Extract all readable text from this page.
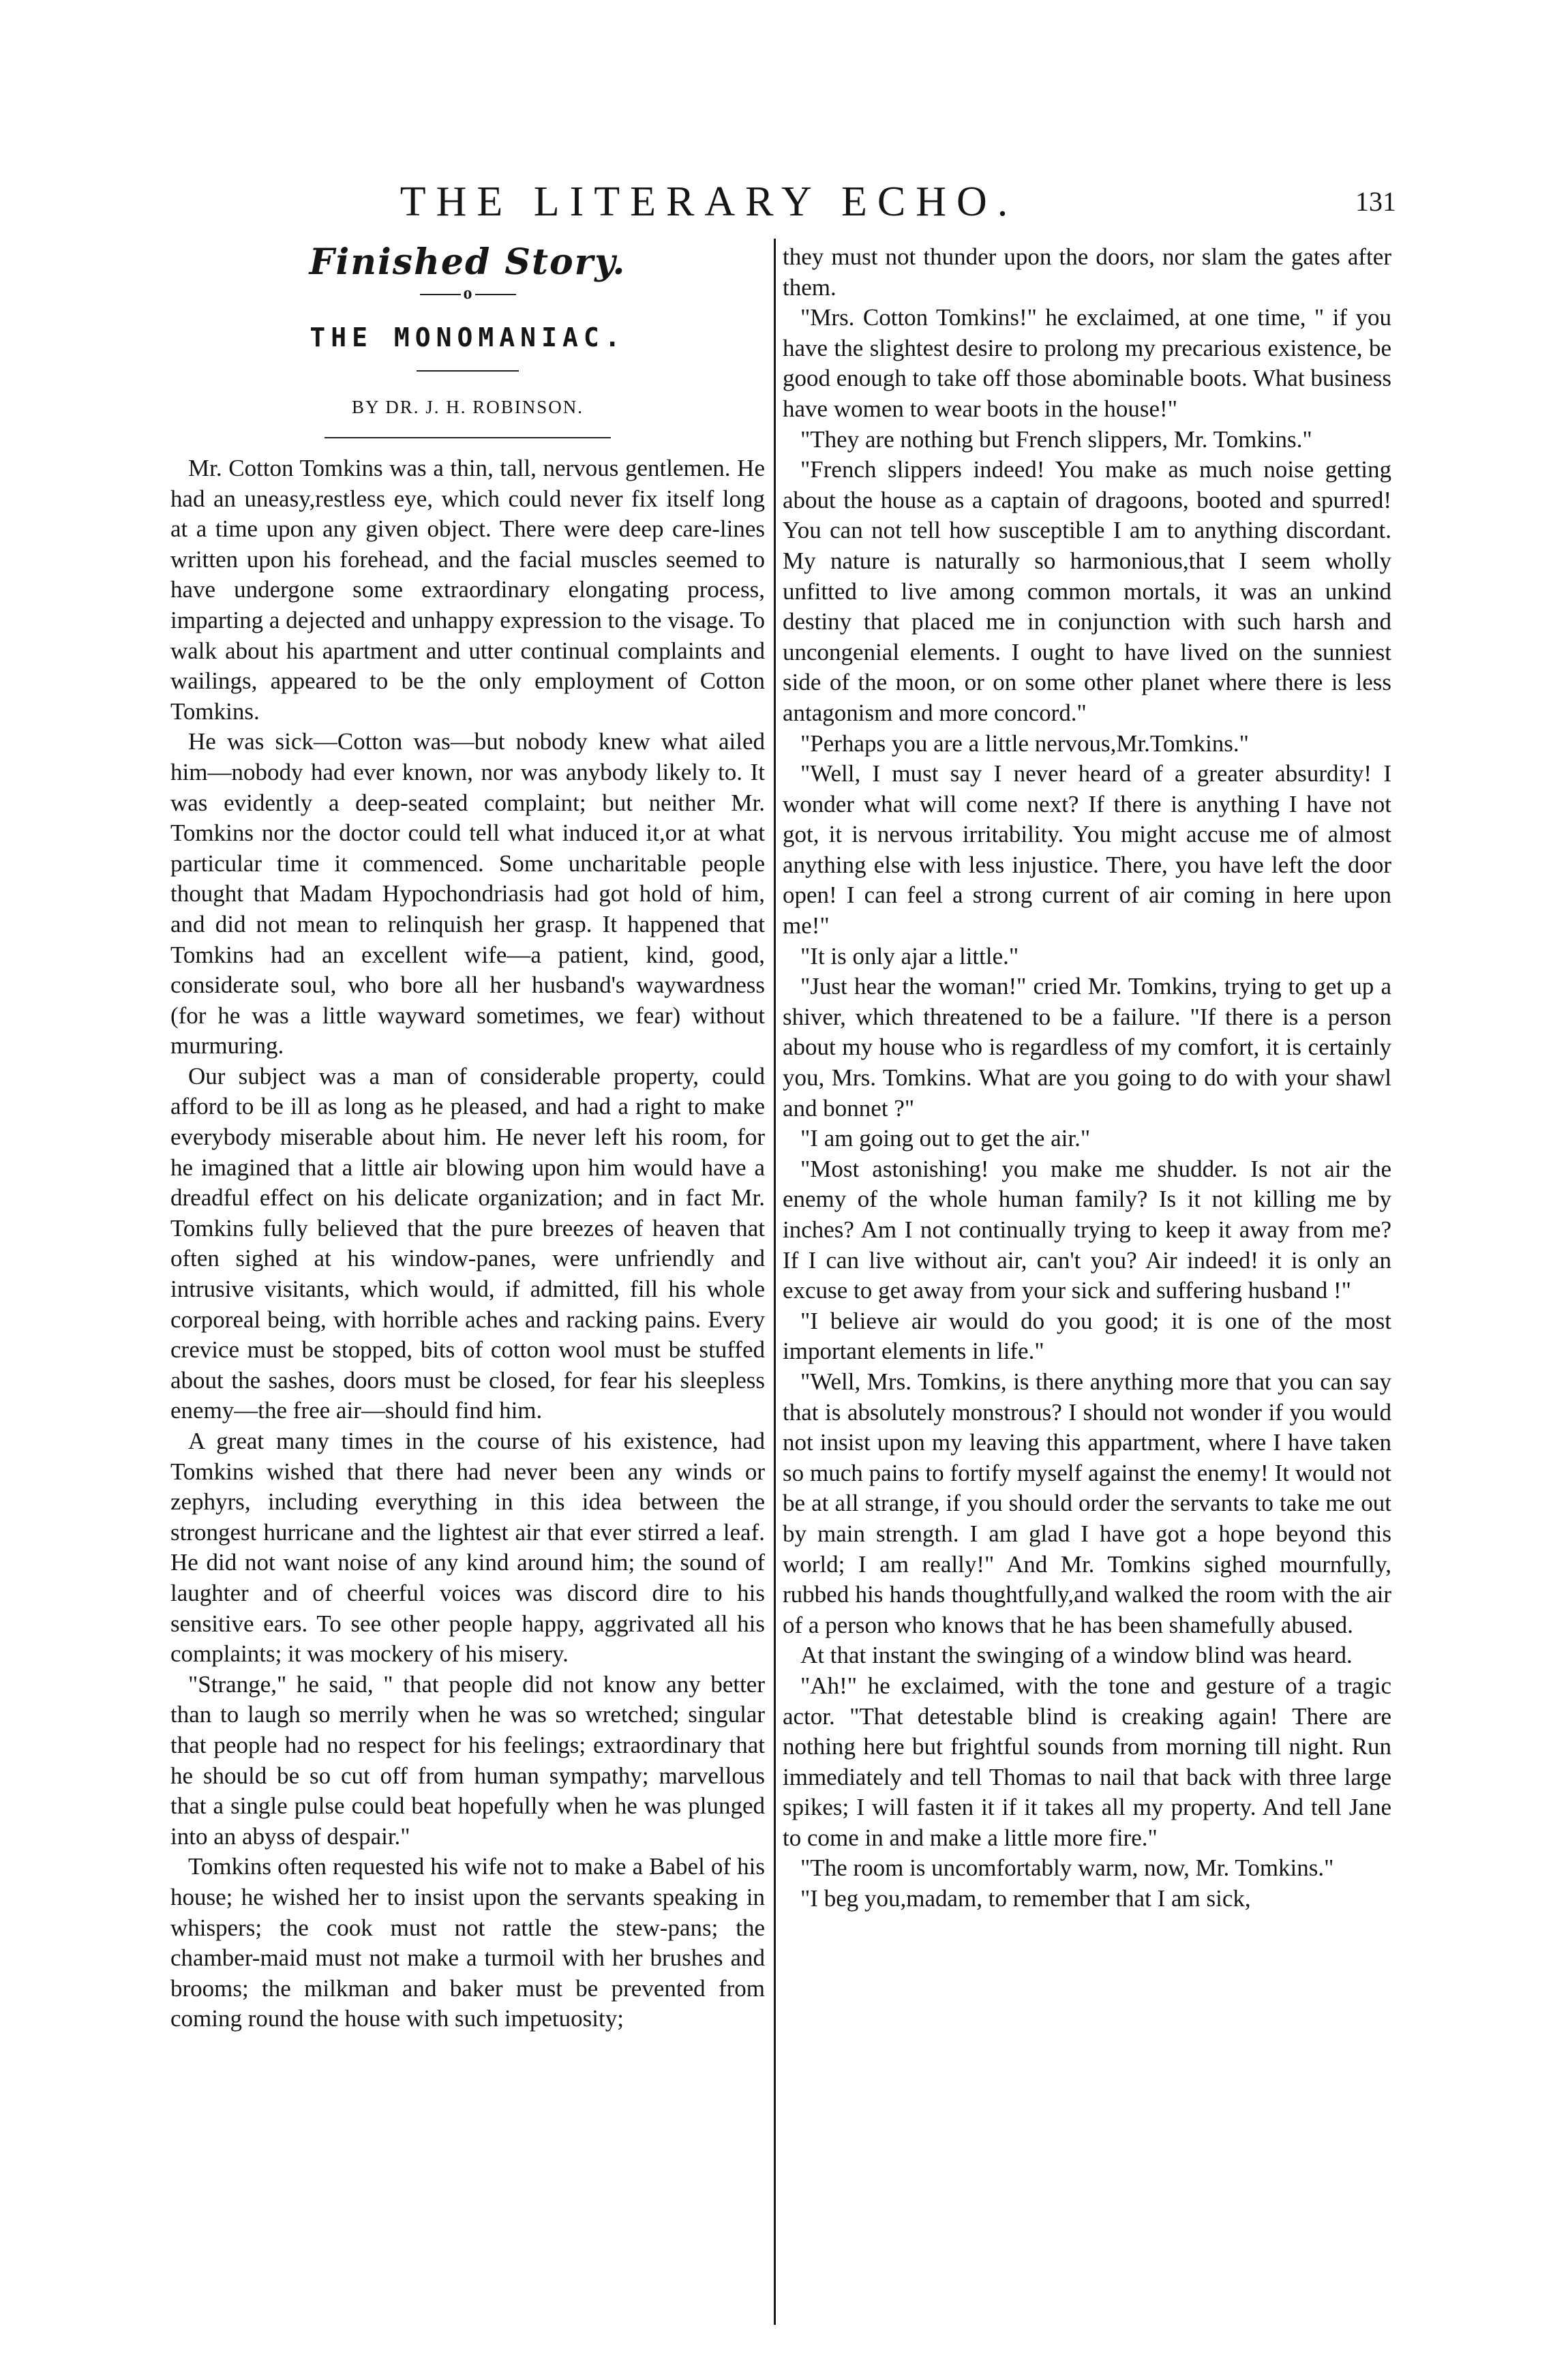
THE LITERARY ECHO.	131
Finished Story.
o
THE MONOMANIAC.
BY DR. J. H. ROBINSON.

Mr. Cotton Tomkins was a thin, tall, nervous gentlemen. He had an uneasy,restless eye, which could never fix itself long at a time upon any given object. There were deep care-lines written upon his forehead, and the facial muscles seemed to have undergone some extraordinary elongating process, imparting a dejected and unhappy expression to the visage. To walk about his apartment and utter continual complaints and wailings, appeared to be the only employment of Cotton Tomkins.

He was sick—Cotton was—but nobody knew what ailed him—nobody had ever known, nor was anybody likely to. It was evidently a deep-seated complaint; but neither Mr. Tomkins nor the doctor could tell what induced it,or at what particular time it commenced. Some uncharitable people thought that Madam Hypochondriasis had got hold of him, and did not mean to relinquish her grasp. It happened that Tomkins had an excellent wife—a patient, kind, good, considerate soul, who bore all her husband's waywardness (for he was a little wayward sometimes, we fear) without murmuring.

Our subject was a man of considerable property, could afford to be ill as long as he pleased, and had a right to make everybody miserable about him. He never left his room, for he imagined that a little air blowing upon him would have a dreadful effect on his delicate organization; and in fact Mr. Tomkins fully believed that the pure breezes of heaven that often sighed at his window-panes, were unfriendly and intrusive visitants, which would, if admitted, fill his whole corporeal being, with horrible aches and racking pains. Every crevice must be stopped, bits of cotton wool must be stuffed about the sashes, doors must be closed, for fear his sleepless enemy—the free air—should find him.

A great many times in the course of his existence, had Tomkins wished that there had never been any winds or zephyrs, including everything in this idea between the strongest hurricane and the lightest air that ever stirred a leaf. He did not want noise of any kind around him; the sound of laughter and of cheerful voices was discord dire to his sensitive ears. To see other people happy, aggrivated all his complaints; it was mockery of his misery.

"Strange," he said, " that people did not know any better than to laugh so merrily when he was so wretched; singular that people had no respect for his feelings; extraordinary that he should be so cut off from human sympathy; marvellous that a single pulse could beat hopefully when he was plunged into an abyss of despair."

Tomkins often requested his wife not to make a Babel of his house; he wished her to insist upon the servants speaking in whispers; the cook must not rattle the stew-pans; the chamber-maid must not make a turmoil with her brushes and brooms; the milkman and baker must be prevented from coming round the house with such impetuosity;

they must not thunder upon the doors, nor slam the gates after them.

"Mrs. Cotton Tomkins!" he exclaimed, at one time, " if you have the slightest desire to prolong my precarious existence, be good enough to take off those abominable boots. What business have women to wear boots in the house!"

"They are nothing but French slippers, Mr. Tomkins."

"French slippers indeed! You make as much noise getting about the house as a captain of dragoons, booted and spurred! You can not tell how susceptible I am to anything discordant. My nature is naturally so harmonious,that I seem wholly unfitted to live among common mortals, it was an unkind destiny that placed me in conjunction with such harsh and uncongenial elements. I ought to have lived on the sunniest side of the moon, or on some other planet where there is less antagonism and more concord."

"Perhaps you are a little nervous,Mr.Tomkins."

"Well, I must say I never heard of a greater absurdity! I wonder what will come next? If there is anything I have not got, it is nervous irritability. You might accuse me of almost anything else with less injustice. There, you have left the door open! I can feel a strong current of air coming in here upon me!"

"It is only ajar a little."

"Just hear the woman!" cried Mr. Tomkins, trying to get up a shiver, which threatened to be a failure. "If there is a person about my house who is regardless of my comfort, it is certainly you, Mrs. Tomkins. What are you going to do with your shawl and bonnet ?"

"I am going out to get the air."

"Most astonishing! you make me shudder. Is not air the enemy of the whole human family? Is it not killing me by inches? Am I not continually trying to keep it away from me? If I can live without air, can't you? Air indeed! it is only an excuse to get away from your sick and suffering husband !"

"I believe air would do you good; it is one of the most important elements in life."

"Well, Mrs. Tomkins, is there anything more that you can say that is absolutely monstrous? I should not wonder if you would not insist upon my leaving this appartment, where I have taken so much pains to fortify myself against the enemy! It would not be at all strange, if you should order the servants to take me out by main strength. I am glad I have got a hope beyond this world; I am really!" And Mr. Tomkins sighed mournfully, rubbed his hands thoughtfully,and walked the room with the air of a person who knows that he has been shamefully abused.

At that instant the swinging of a window blind was heard.

"Ah!" he exclaimed, with the tone and gesture of a tragic actor. "That detestable blind is creaking again! There are nothing here but frightful sounds from morning till night. Run immediately and tell Thomas to nail that back with three large spikes; I will fasten it if it takes all my property. And tell Jane to come in and make a little more fire."

"The room is uncomfortably warm, now, Mr. Tomkins."

"I beg you,madam, to remember that I am sick,
